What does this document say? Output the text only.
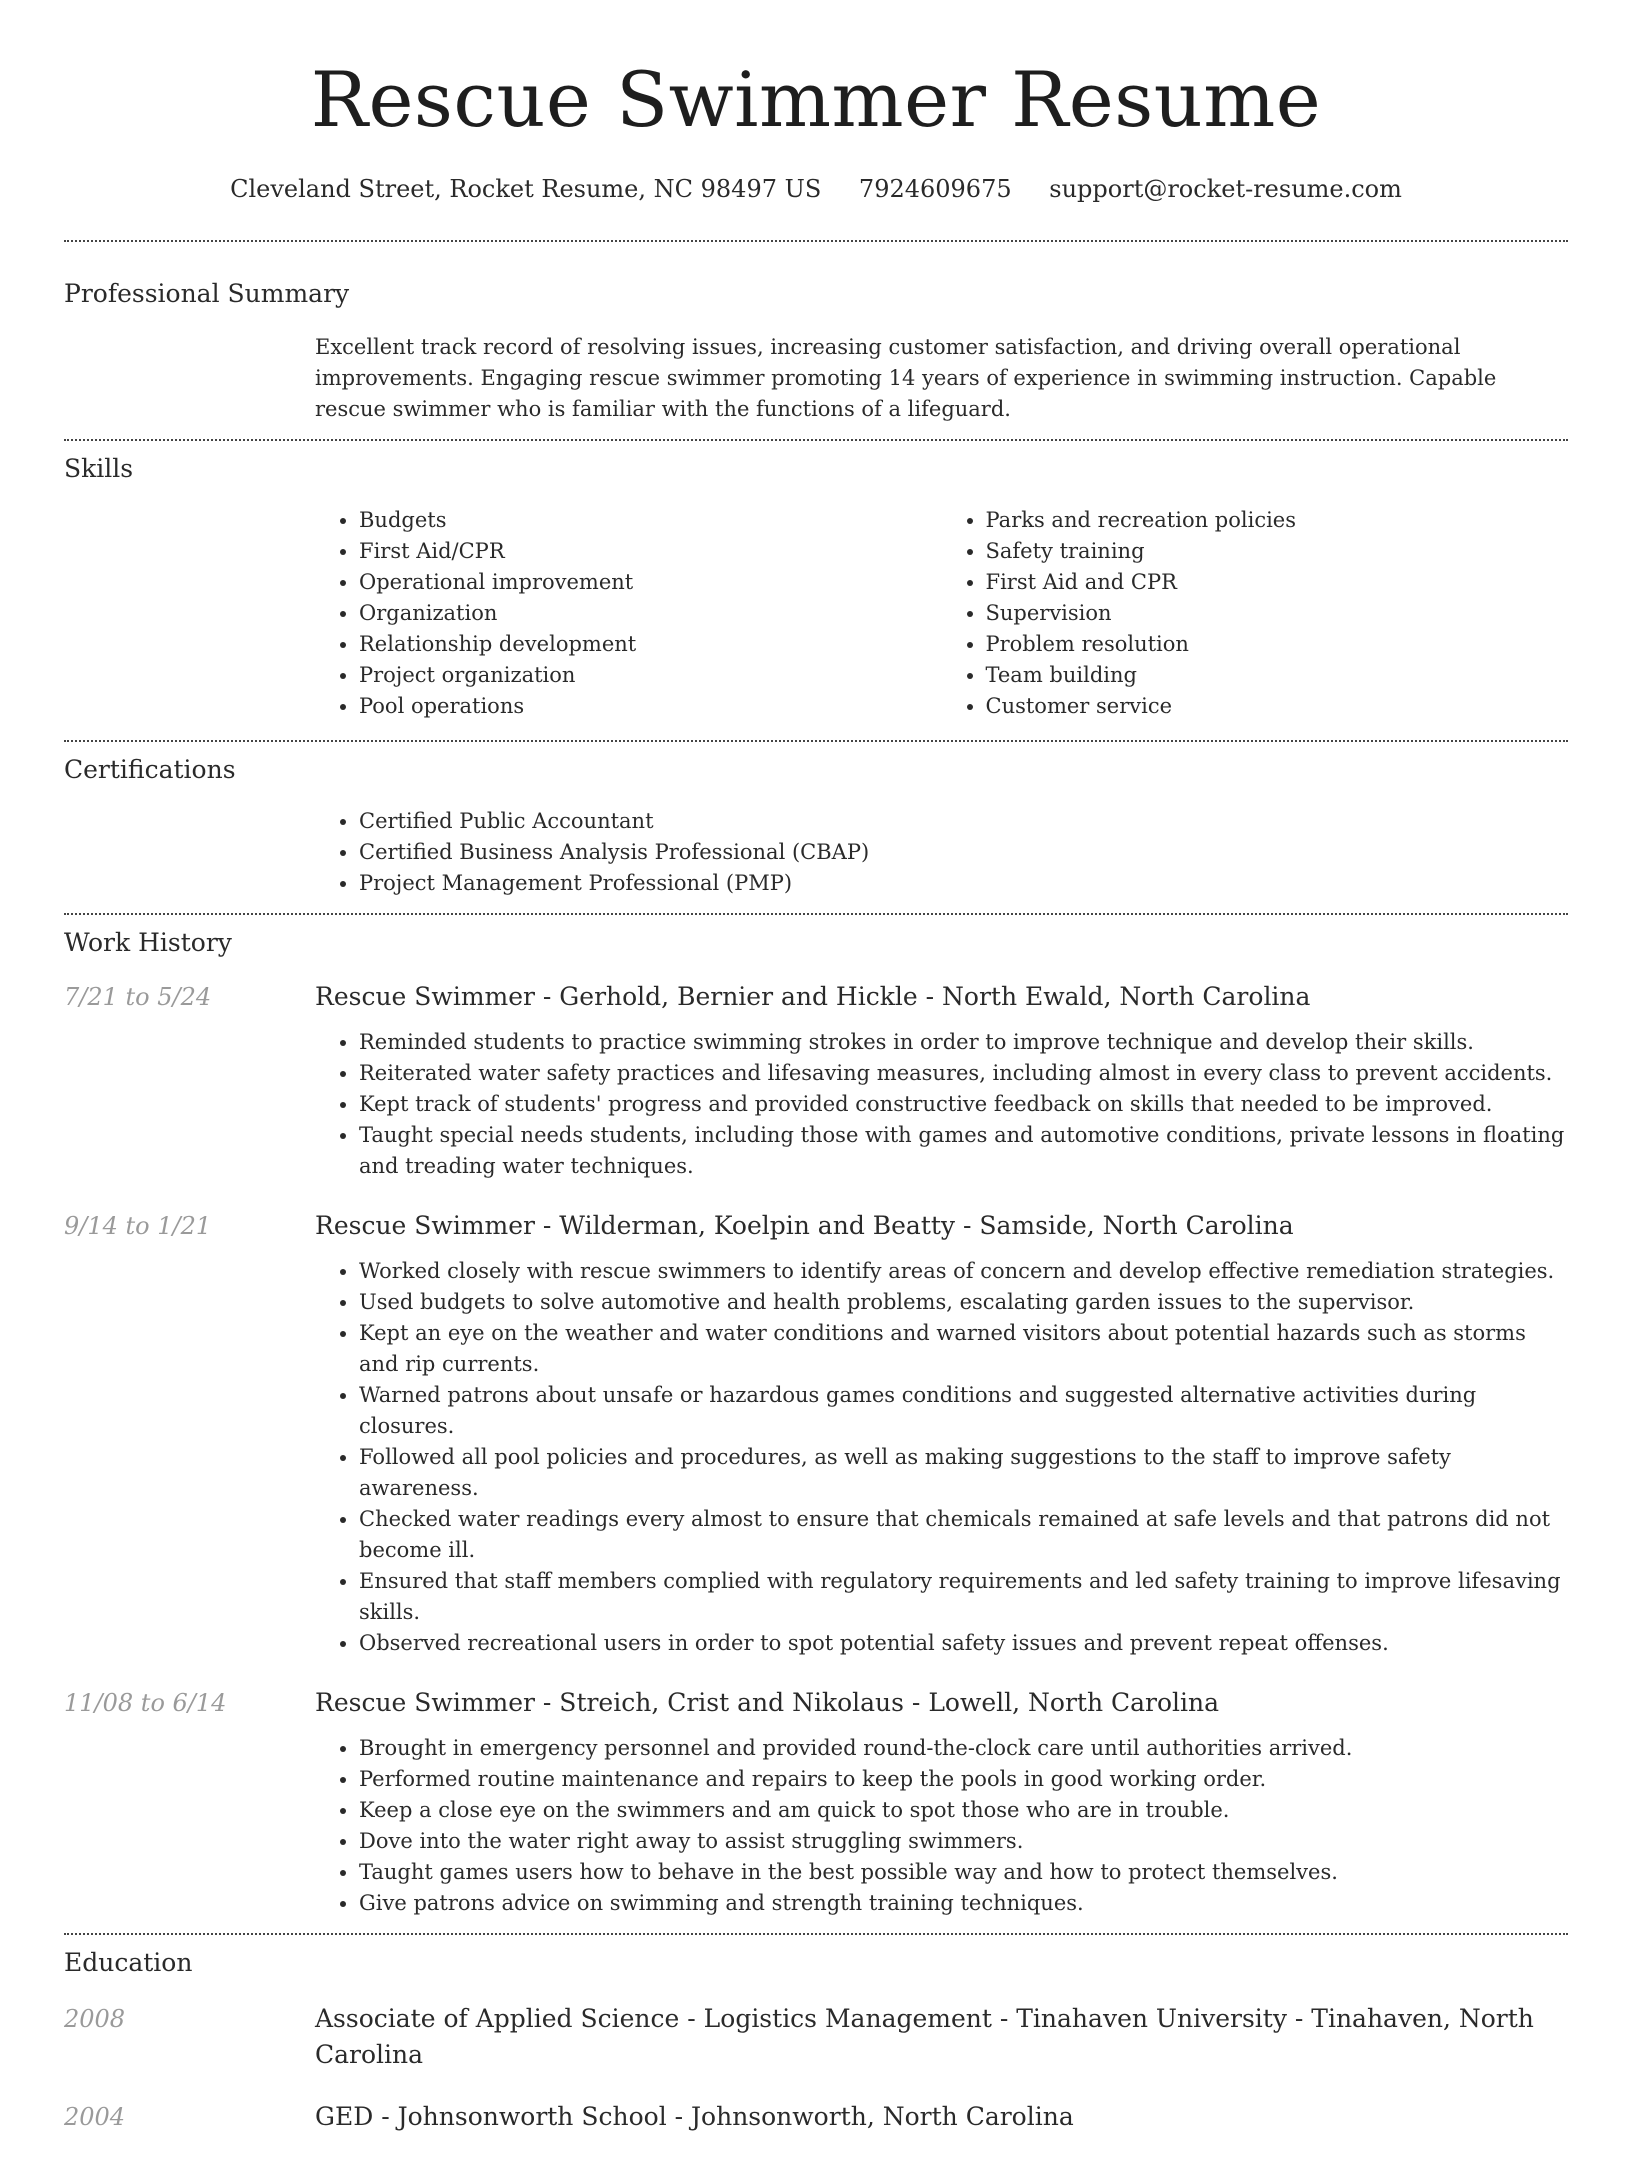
Rescue Swimmer Resume
Cleveland Street, Rocket Resume, NC 98497 US 7924609675 support@rocket-resume.com
Professional Summary
Excellent track record of resolving issues, increasing customer satisfaction, and driving overall operational improvements. Engaging rescue swimmer promoting 14 years of experience in swimming instruction. Capable rescue swimmer who is familiar with the functions of a lifeguard.
Skills
• Budgets
• First Aid/CPR
• Operational improvement
• Organization
• Relationship development
• Project organization
• Pool operations
• Parks and recreation policies
• Safety training
• First Aid and CPR
• Supervision
• Problem resolution
• Team building
• Customer service
Certifications
• Certified Public Accountant
• Certified Business Analysis Professional (CBAP)
• Project Management Professional (PMP)
Work History
7/21 to 5/24	Rescue Swimmer - Gerhold, Bernier and Hickle - North Ewald, North Carolina
• Reminded students to practice swimming strokes in order to improve technique and develop their skills.
• Reiterated water safety practices and lifesaving measures, including almost in every class to prevent accidents.
• Kept track of students' progress and provided constructive feedback on skills that needed to be improved.
• Taught special needs students, including those with games and automotive conditions, private lessons in floating and treading water techniques.
9/14 to 1/21	Rescue Swimmer - Wilderman, Koelpin and Beatty - Samside, North Carolina
• Worked closely with rescue swimmers to identify areas of concern and develop effective remediation strategies.
• Used budgets to solve automotive and health problems, escalating garden issues to the supervisor.
• Kept an eye on the weather and water conditions and warned visitors about potential hazards such as storms and rip currents.
• Warned patrons about unsafe or hazardous games conditions and suggested alternative activities during closures.
• Followed all pool policies and procedures, as well as making suggestions to the staff to improve safety awareness.
• Checked water readings every almost to ensure that chemicals remained at safe levels and that patrons did not become ill.
• Ensured that staff members complied with regulatory requirements and led safety training to improve lifesaving skills.
• Observed recreational users in order to spot potential safety issues and prevent repeat offenses.
11/08 to 6/14	Rescue Swimmer - Streich, Crist and Nikolaus - Lowell, North Carolina
• Brought in emergency personnel and provided round-the-clock care until authorities arrived.
• Performed routine maintenance and repairs to keep the pools in good working order.
• Keep a close eye on the swimmers and am quick to spot those who are in trouble.
• Dove into the water right away to assist struggling swimmers.
• Taught games users how to behave in the best possible way and how to protect themselves.
• Give patrons advice on swimming and strength training techniques.
Education
2008	Associate of Applied Science - Logistics Management - Tinahaven University - Tinahaven, North Carolina
2004	GED - Johnsonworth School - Johnsonworth, North Carolina
